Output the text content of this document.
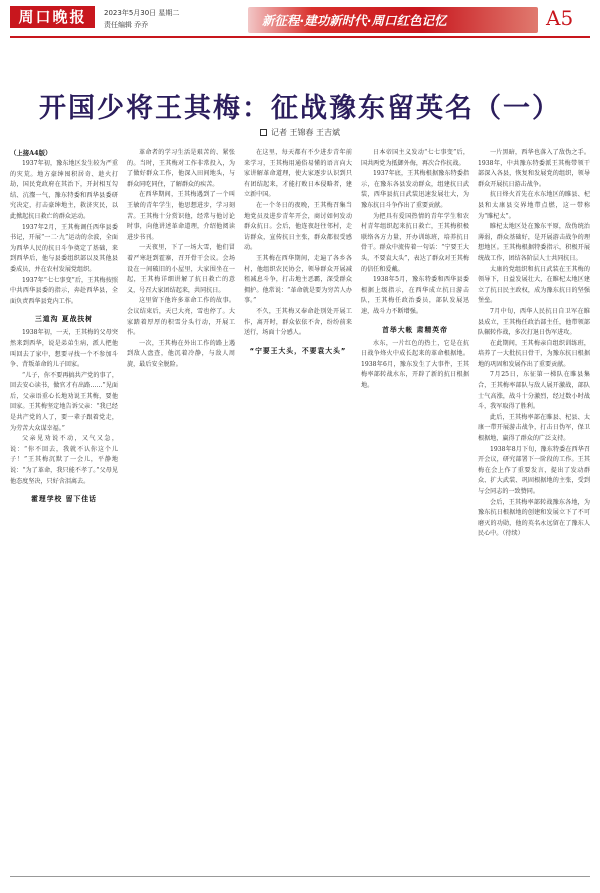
周口晚报	2023年5月30日 星期二
责任编辑 乔乔	新征程·建功新时代·周口红色记忆	A5
开国少将王其梅：征战豫东留英名（一）
记者 王锦春 王吉斌
（上接A4版）

1937年初，豫东地区发生较为严重的灾荒。地方豪绅囤积居奇、趁火打劫，国民党政府在其治下，开封相互勾结、沆瀣一气，豫东特委和西华县委研究决定，打击豪绅地主，救济灾民，以此掀起抗日救亡的群众运动。

1937年2月，王其梅调任西华县委书记，开展“一二·九”运动的余波，全面为西华人民的抗日斗争奠定了基础，来到西华后，他与县委组织部以及其他县委成员，并在农村发展党组织。

1937年“七七事变”后，王其梅按照中共西华县委的指示，奔赴西华县，全面负责西华县党内工作。

三道沟 夏战扶树

1938年初，一天，王其梅的父母突然来到西华，说是弟弟生病，派人把他叫回去了家中，想要寻找一个不参加斗争、背叛革命的儿子回家。

“儿子，你不要再搞共产党的事了，回去安心读书，做官才有出路……”见面后，父亲语重心长地劝说王其梅，要他回家。王其梅坚定地告诉父亲：“我已经是共产党的人了，要一辈子跟着党走，为劳苦大众谋幸福。”

父亲见劝说不动，又气又急，说：“你不回去，我就不认你这个儿子！”王其梅沉默了一会儿，平静地说：“为了革命，我只能不孝了。”父母见他态度坚决，只好含泪离去。

霍理学校 留下佳话

革命者的学习生活是艰苦的、紧张的。当时，王其梅对工作非常投入，为了做好群众工作，他深入田间地头，与群众同吃同住，了解群众的疾苦。

在西华期间，王其梅遇到了一个叫王敏的青年学生，他思想进步，学习刻苦。王其梅十分赏识他，经常与他讨论时事，向他讲述革命道理，介绍他阅读进步书刊。

一天夜里，下了一场大雪，他们冒着严寒赶到霍寨，召开骨干会议。会场设在一间破旧的小屋里，大家围坐在一起，王其梅详细讲解了抗日救亡的意义，号召大家团结起来，共同抗日。

这里留下他许多革命工作的故事。会议结束后，天已大亮，雪也停了。大家踏着厚厚的积雪分头行动，开展工作。

一次，王其梅在外出工作的路上遇到敌人盘查，他沉着冷静，与敌人周旋，最后安全脱险。

在这里，每天都有不少进步青年前来学习，王其梅用通俗易懂的语言向大家讲解革命道理，使大家逐步认识到只有团结起来，才能打败日本侵略者，建立新中国。

在一个冬日的夜晚，王其梅召集当地党员及进步青年开会，商讨如何发动群众抗日。会后，他连夜赶往邻村，走访群众，宣传抗日主张，群众都很受感动。

王其梅在西华期间，走遍了各乡各村，他组织农民协会，领导群众开展减租减息斗争，打击地主恶霸，深受群众拥护。他常说：“革命就是要为穷苦人办事。”

不久，王其梅又奉命赴别处开展工作，离开时，群众依依不舍，纷纷前来送行，场面十分感人。

“宁要王大头，不要袁大头”

日本帝国主义发动“七七事变”后，国共两党为抵御外侮，再次合作抗战。

1937年底，王其梅根据豫东特委指示，在豫东各县发动群众，组建抗日武装，西华县抗日武装迅速发展壮大，为豫东抗日斗争作出了重要贡献。

为把具有爱国热情的青年学生和农村青年组织起来抗日救亡，王其梅积极联络各方力量，开办训练班，培养抗日骨干。群众中流传着一句话：“宁要王大头，不要袁大头”，表达了群众对王其梅的信任和爱戴。

1938年5月，豫东特委和西华县委根据上级指示，在西华成立抗日游击队，王其梅任政治委员，部队发展迅速，战斗力不断增强。

首举大帐 肃精英帝

水东，一片红色的热土，它是在抗日战争烽火中成长起来的革命根据地。1938年6月，豫东发生了大事件，王其梅率部转战水东，开辟了新的抗日根据地。

一片黑暗，西华也落入了敌伪之手。1938年，中共豫东特委派王其梅带领干部深入各县，恢复和发展党的组织，领导群众开展抗日游击战争。

抗日烽火首先在水东地区的睢县、杞县和太康县交界地带点燃，这一带称为“睢杞太”。

睢杞太地区处在豫东平原，敌伪统治薄弱，群众基础好，是开展游击战争的理想地区。王其梅根据特委指示，积极开展统战工作，团结各阶层人士共同抗日。

太康的党组织和抗日武装在王其梅的领导下，日益发展壮大，在睢杞太地区建立了抗日民主政权，成为豫东抗日的坚强堡垒。

7月中旬，西华人民抗日自卫军在睢县成立，王其梅任政治部主任，他带领部队辗转作战，多次打退日伪军进攻。

在此期间，王其梅亲自组织训练班，培养了一大批抗日骨干，为豫东抗日根据地的巩固和发展作出了重要贡献。

7月25日，东征第一梯队在睢县集合，王其梅率部队与敌人展开激战，部队士气高涨，战斗十分激烈，经过数小时战斗，我军取得了胜利。

此后，王其梅率部在睢县、杞县、太康一带开展游击战争，打击日伪军，保卫根据地，赢得了群众的广泛支持。

1938年8月下旬，豫东特委在西华召开会议，研究部署下一阶段的工作。王其梅在会上作了重要发言，提出了发动群众、扩大武装、巩固根据地的主张，受到与会同志的一致赞同。

会后，王其梅率部转战豫东各地，为豫东抗日根据地的创建和发展立下了不可磨灭的功勋，他的英名永远留在了豫东人民心中。（待续）
